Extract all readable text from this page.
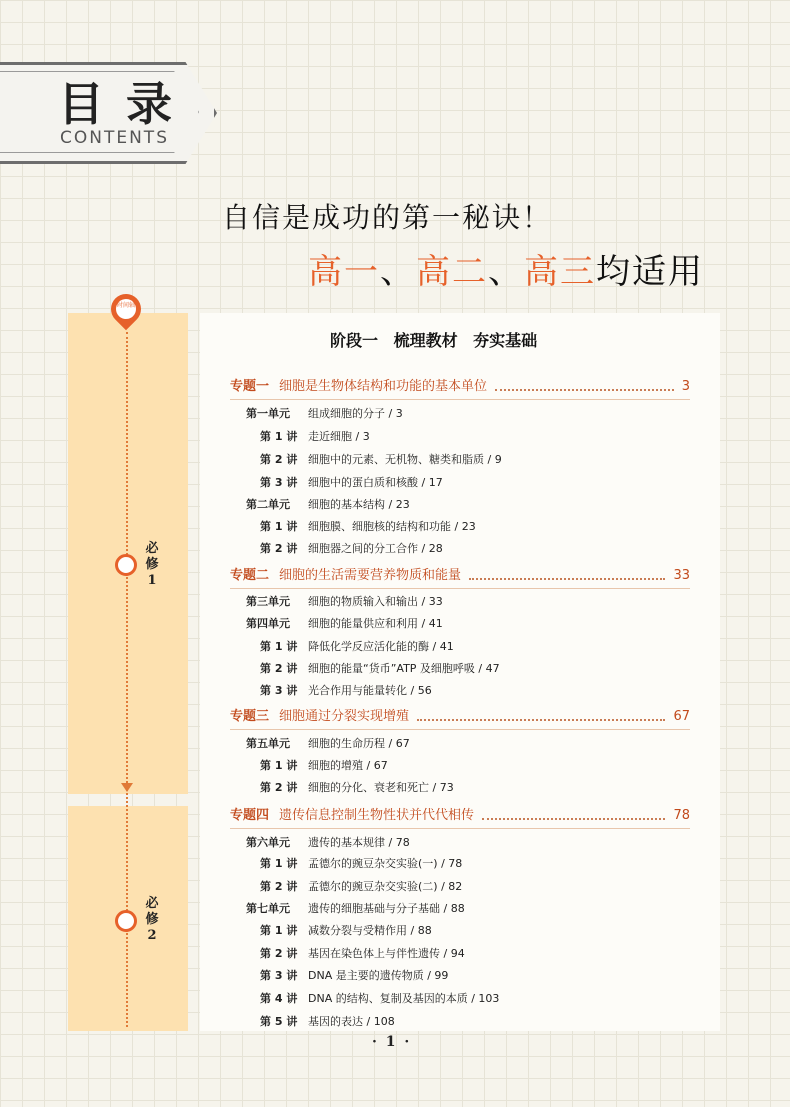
目录
CONTENTS
自信是成功的第一秘诀！
高一、高二、高三均适用
时间轴
必修1
必修2
阶段一 梳理教材 夯实基础
专题一 细胞是生物体结构和功能的基本单位	3
第一单元 组成细胞的分子 / 3
第 1 讲 走近细胞 / 3
第 2 讲 细胞中的元素、无机物、糖类和脂质 / 9
第 3 讲 细胞中的蛋白质和核酸 / 17
第二单元 细胞的基本结构 / 23
第 1 讲 细胞膜、细胞核的结构和功能 / 23
第 2 讲 细胞器之间的分工合作 / 28
专题二 细胞的生活需要营养物质和能量	33
第三单元 细胞的物质输入和输出 / 33
第四单元 细胞的能量供应和利用 / 41
第 1 讲 降低化学反应活化能的酶 / 41
第 2 讲 细胞的能量“货币”ATP 及细胞呼吸 / 47
第 3 讲 光合作用与能量转化 / 56
专题三 细胞通过分裂实现增殖	67
第五单元 细胞的生命历程 / 67
第 1 讲 细胞的增殖 / 67
第 2 讲 细胞的分化、衰老和死亡 / 73
专题四 遗传信息控制生物性状并代代相传	78
第六单元 遗传的基本规律 / 78
第 1 讲 孟德尔的豌豆杂交实验(一) / 78
第 2 讲 孟德尔的豌豆杂交实验(二) / 82
第七单元 遗传的细胞基础与分子基础 / 88
第 1 讲 减数分裂与受精作用 / 88
第 2 讲 基因在染色体上与伴性遗传 / 94
第 3 讲 DNA 是主要的遗传物质 / 99
第 4 讲 DNA 的结构、复制及基因的本质 / 103
第 5 讲 基因的表达 / 108
· 1 ·
